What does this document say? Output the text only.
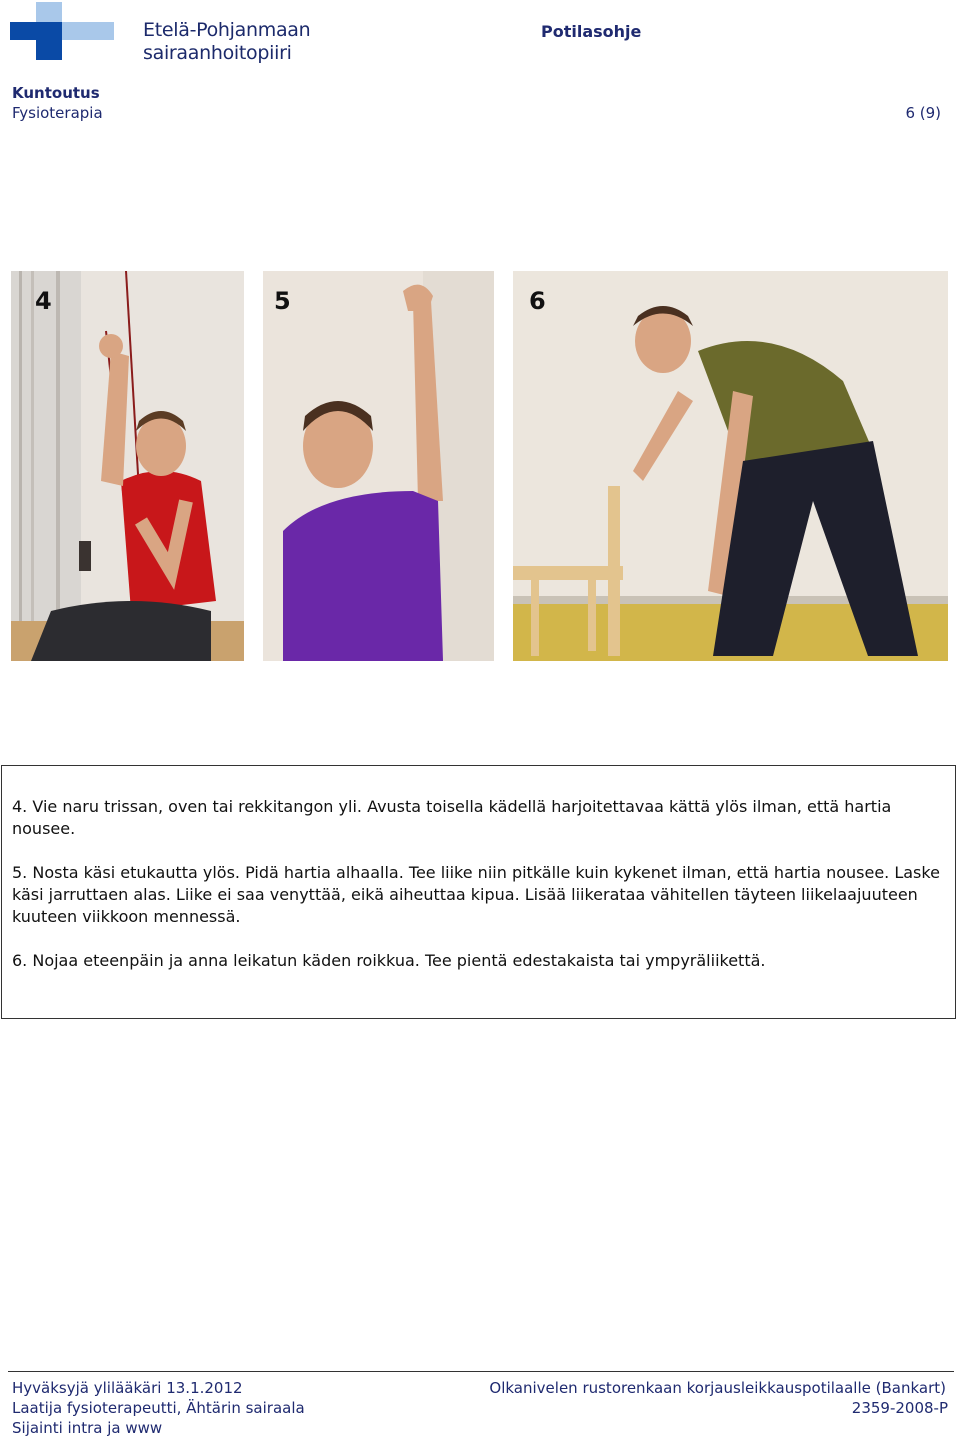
Etelä-Pohjanmaan
sairaanhoitopiiri
Potilasohje
Kuntoutus
Fysioterapia	6 (9)
4	5	6

4. Vie naru trissan, oven tai rekkitangon yli. Avusta toisella kädellä harjoitettavaa kättä ylös ilman, että hartia nousee.

5. Nosta käsi etukautta ylös. Pidä hartia alhaalla. Tee liike niin pitkälle kuin kykenet ilman, että hartia nousee. Laske käsi jarruttaen alas. Liike ei saa venyttää, eikä aiheuttaa kipua. Lisää liikerataa vähitellen täyteen liikelaajuuteen kuuteen viikkoon mennessä.

6. Nojaa eteenpäin ja anna leikatun käden roikkua. Tee pientä edestakaista tai ympyräliikettä.

Hyväksyjä ylilääkäri 13.1.2012
Laatija fysioterapeutti, Ähtärin sairaala
Sijainti intra ja www
Olkanivelen rustorenkaan korjausleikkauspotilaalle (Bankart)
2359-2008-P
